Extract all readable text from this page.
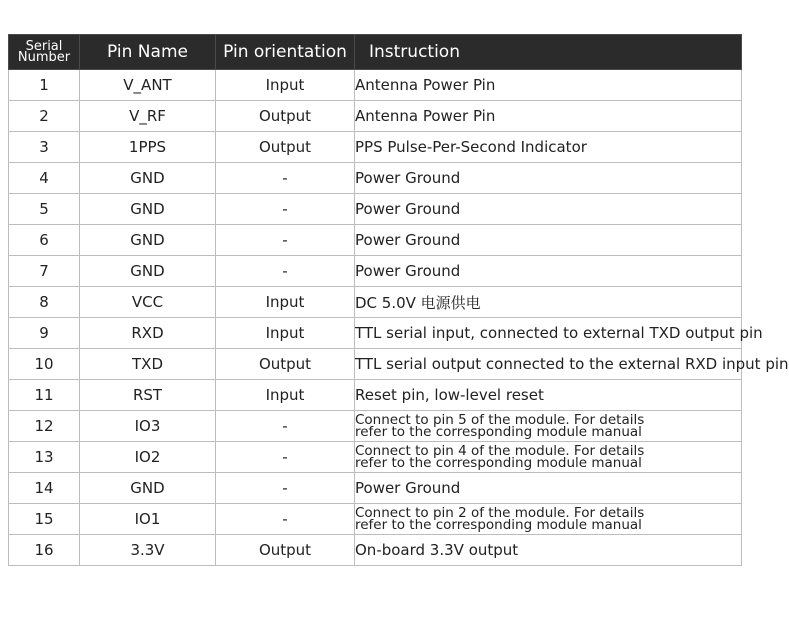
Serial
Number	Pin Name	Pin orientation	Instruction
1	V_ANT	Input	Antenna Power Pin
2	V_RF	Output	Antenna Power Pin
3	1PPS	Output	PPS Pulse-Per-Second Indicator
4	GND	-	Power Ground
5	GND	-	Power Ground
6	GND	-	Power Ground
7	GND	-	Power Ground
8	VCC	Input	DC 5.0V 电源供电
9	RXD	Input	TTL serial input, connected to external TXD output pin
10	TXD	Output	TTL serial output connected to the external RXD input pin
11	RST	Input	Reset pin, low-level reset
12	IO3	-	Connect to pin 5 of the module. For details
refer to the corresponding module manual

13	IO2	-	Connect to pin 4 of the module. For details
refer to the corresponding module manual

14	GND	-	Power Ground
15	IO1	-	Connect to pin 2 of the module. For details
refer to the corresponding module manual

16	3.3V	Output	On-board 3.3V output
